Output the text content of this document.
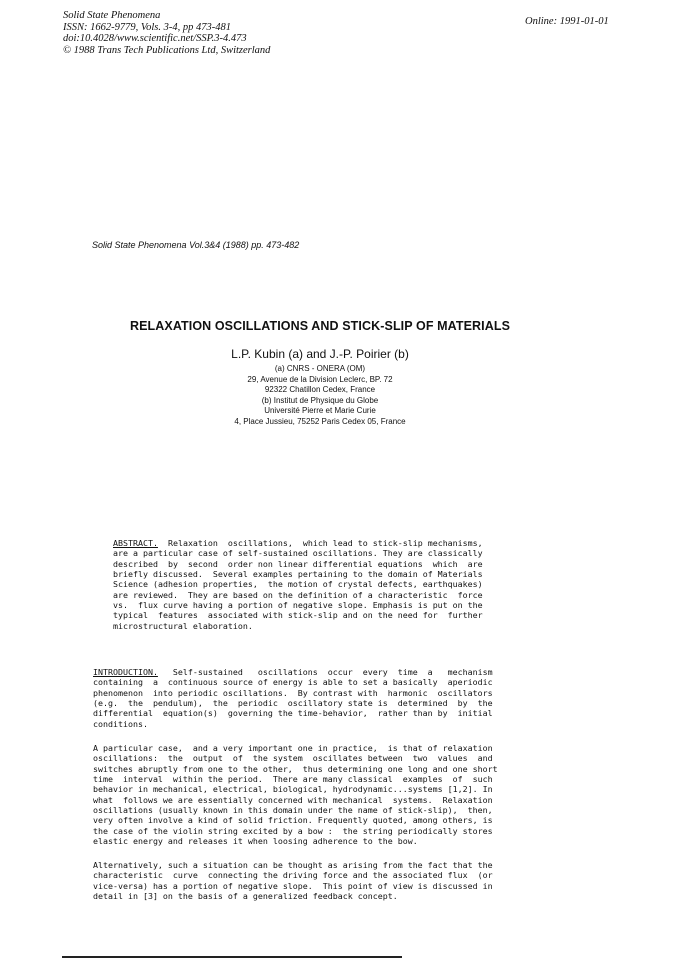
Solid State Phenomena
ISSN: 1662-9779, Vols. 3-4, pp 473-481
doi:10.4028/www.scientific.net/SSP.3-4.473
© 1988 Trans Tech Publications Ltd, Switzerland
Online: 1991-01-01
Solid State Phenomena Vol.3&4 (1988) pp. 473-482
RELAXATION OSCILLATIONS AND STICK-SLIP OF MATERIALS
L.P. Kubin (a) and J.-P. Poirier (b)
(a) CNRS - ONERA (OM)
29, Avenue de la Division Leclerc, BP. 72
92322 Chatillon Cedex, France
(b) Institut de Physique du Globe
Université Pierre et Marie Curie
4, Place Jussieu, 75252 Paris Cedex 05, France
ABSTRACT.  Relaxation  oscillations,  which lead to stick-slip mechanisms,
are a particular case of self-sustained oscillations. They are classically
described  by  second  order non linear differential equations  which  are
briefly discussed.  Several examples pertaining to the domain of Materials
Science (adhesion properties,  the motion of crystal defects, earthquakes)
are reviewed.  They are based on the definition of a characteristic  force
vs.  flux curve having a portion of negative slope. Emphasis is put on the
typical  features  associated with stick-slip and on the need for  further
microstructural elaboration.
INTRODUCTION.   Self-sustained   oscillations  occur  every  time  a   mechanism
containing  a  continuous source of energy is able to set a basically  aperiodic
phenomenon  into periodic oscillations.  By contrast with  harmonic  oscillators
(e.g.  the  pendulum),  the  periodic  oscillatory state is  determined  by  the
differential  equation(s)  governing the time-behavior,  rather than by  initial
conditions.
A particular case,  and a very important one in practice,  is that of relaxation
oscillations:  the  output  of  the system  oscillates between  two  values  and
switches abruptly from one to the other,  thus determining one long and one short
time  interval  within the period.  There are many classical  examples  of  such
behavior in mechanical, electrical, biological, hydrodynamic...systems [1,2]. In
what  follows we are essentially concerned with mechanical  systems.  Relaxation
oscillations (usually known in this domain under the name of stick-slip),  then,
very often involve a kind of solid friction. Frequently quoted, among others, is
the case of the violin string excited by a bow :  the string periodically stores
elastic energy and releases it when loosing adherence to the bow.
Alternatively, such a situation can be thought as arising from the fact that the
characteristic  curve  connecting the driving force and the associated flux  (or
vice-versa) has a portion of negative slope.  This point of view is discussed in
detail in [3] on the basis of a generalized feedback concept.
